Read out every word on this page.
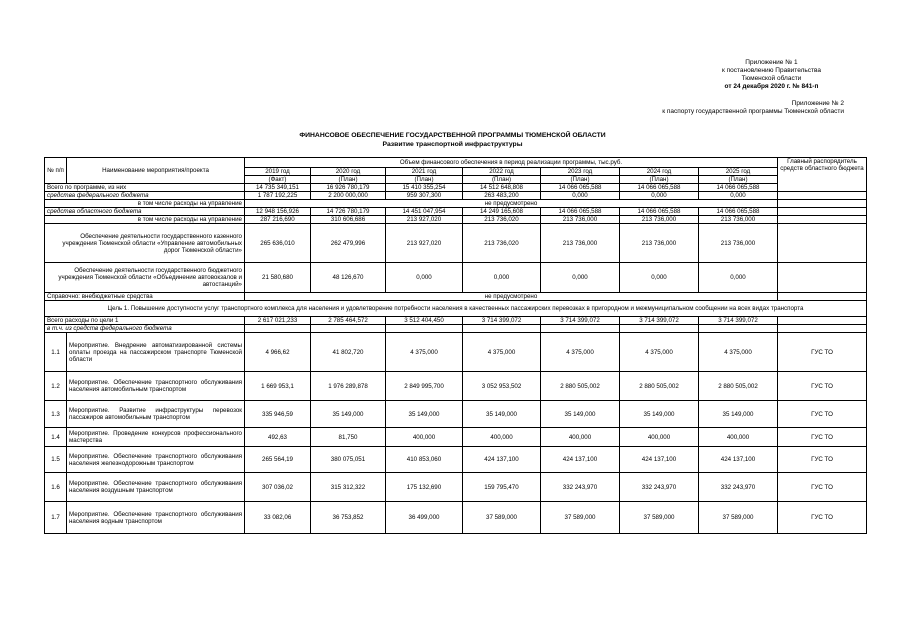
Приложение № 1
к постановлению Правительства
Тюменской области
от 24 декабря 2020 г. № 841-п
Приложение № 2
к паспорту государственной программы Тюменской области
ФИНАНСОВОЕ ОБЕСПЕЧЕНИЕ ГОСУДАРСТВЕННОЙ ПРОГРАММЫ ТЮМЕНСКОЙ ОБЛАСТИ
Развитие транспортной инфраструктуры
№ п/п	Наименование мероприятия/проекта	Объем финансового обеспечения в период реализации программы, тыс.руб.							Главный распорядитель средств областного бюджета
		2019 год	2020 год	2021 год	2022 год	2023 год	2024 год	2025 год	
		(Факт)	(План)	(План)	(План)	(План)	(План)	(План)	
Всего по программе, из них		14 735 349,151	16 926 780,179	15 410 355,254	14 512 648,808	14 066 065,588	14 066 065,588	14 066 065,588	
средства федерального бюджета		1 787 192,225	2 200 000,000	959 307,300	263 483,200	0,000	0,000	0,000	
в том числе расходы на управление		не предусмотрено							
средства областного бюджета		12 948 156,926	14 726 780,179	14 451 047,954	14 249 165,608	14 066 065,588	14 066 065,588	14 066 065,588	
в том числе расходы на управление		287 216,690	310 606,686	213 927,020	213 736,020	213 736,000	213 736,000	213 736,000	
Обеспечение деятельности государственного казенного учреждения Тюменской области «Управление автомобильных дорог Тюменской области»		265 636,010	262 479,996	213 927,020	213 736,020	213 736,000	213 736,000	213 736,000	
Обеспечение деятельности государственного бюджетного учреждения Тюменской области «Объединение автовокзалов и автостанций»		21 580,680	48 126,670	0,000	0,000	0,000	0,000	0,000	
Справочно: внебюджетные средства		не предусмотрено							
Цель 1. Повышение доступности услуг транспортного комплекса для населения и удовлетворение потребности населения в качественных пассажирских перевозках в пригородном и межмуниципальном сообщении на всех видах транспорта									
Всего расходы по цели 1		2 617 021,233	2 785 464,572	3 512 404,450	3 714 399,072	3 714 399,072	3 714 399,072	3 714 399,072	
в т.ч. из средств федерального бюджета									
1.1	Мероприятие. Внедрение автоматизированной системы оплаты проезда на пассажирском транспорте Тюменской области	4 966,62	41 802,720	4 375,000	4 375,000	4 375,000	4 375,000	4 375,000	ГУС ТО
1.2	Мероприятие. Обеспечение транспортного обслуживания населения автомобильным транспортом	1 669 953,1	1 976 289,878	2 849 995,700	3 052 953,502	2 880 505,002	2 880 505,002	2 880 505,002	ГУС ТО
1.3	Мероприятие. Развитие инфраструктуры перевозок пассажиров автомобильным транспортом	335 946,59	35 149,000	35 149,000	35 149,000	35 149,000	35 149,000	35 149,000	ГУС ТО
1.4	Мероприятие. Проведение конкурсов профессионального мастерства	492,63	81,750	400,000	400,000	400,000	400,000	400,000	ГУС ТО
1.5	Мероприятие. Обеспечение транспортного обслуживания населения железнодорожным транспортом	265 564,19	380 075,051	410 853,060	424 137,100	424 137,100	424 137,100	424 137,100	ГУС ТО
1.6	Мероприятие. Обеспечение транспортного обслуживания населения воздушным транспортом	307 036,02	315 312,322	175 132,690	159 795,470	332 243,970	332 243,970	332 243,970	ГУС ТО
1.7	Мероприятие. Обеспечение транспортного обслуживания населения водным транспортом	33 082,06	36 753,852	36 499,000	37 589,000	37 589,000	37 589,000	37 589,000	ГУС ТО
